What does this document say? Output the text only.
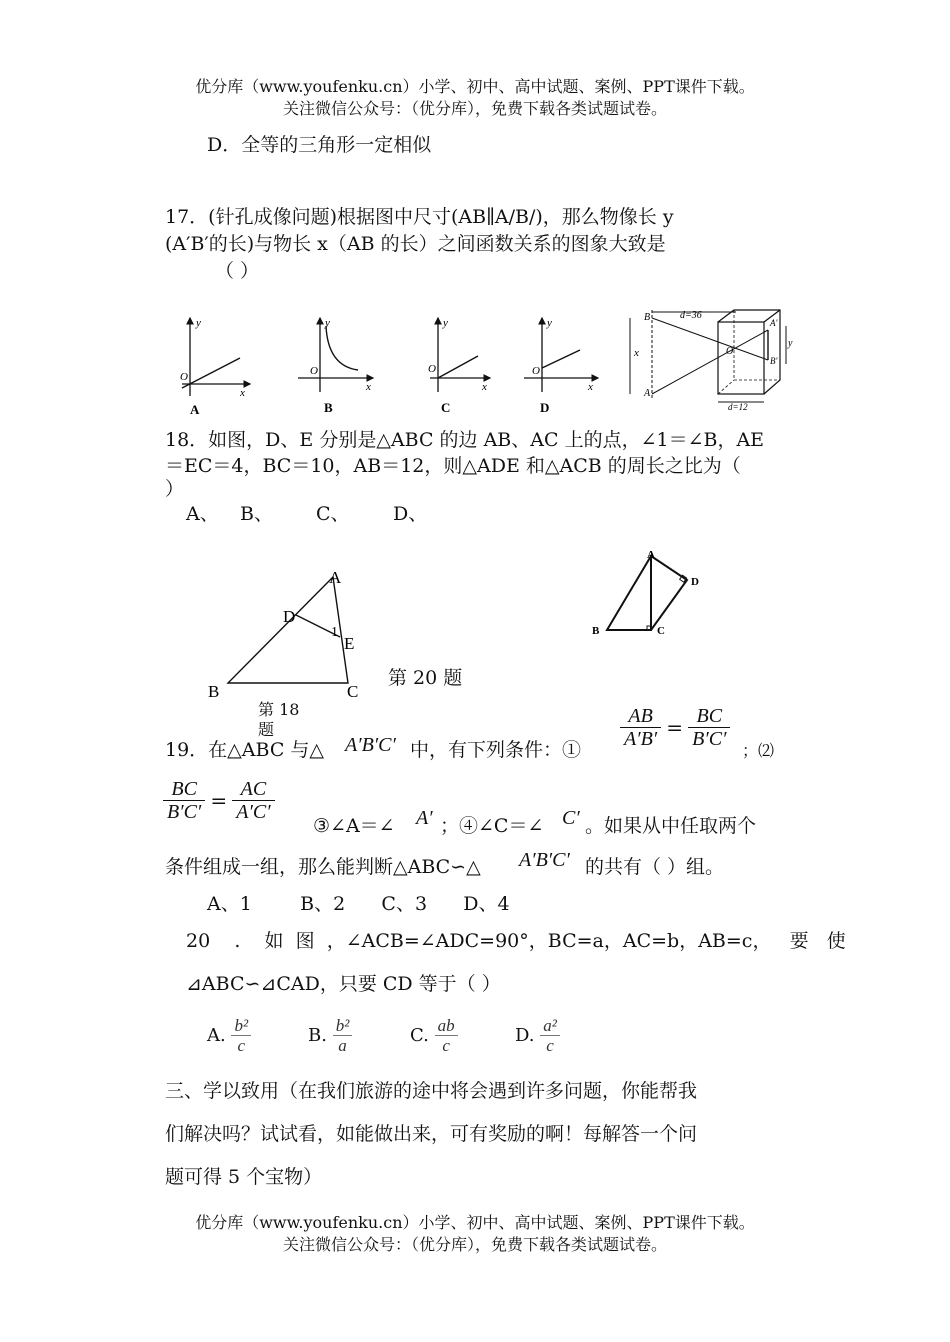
优分库（www.youfenku.cn）小学、初中、高中试题、案例、PPT课件下载。
关注微信公众号：（优分库），免费下载各类试题试卷。
D．全等的三角形一定相似
17．(针孔成像问题)根据图中尺寸(AB∥A/B/)，那么物像长 y
(A′B′的长)与物长 x（AB 的长）之间函数关系的图象大致是
（ ）
y
O
x
A
y
O
x
B
y
O
x
C
y
O
x
D
d=36
x
B
A
O
A′
B′
y
d=12
18．如图，D、E 分别是△ABC 的边 AB、AC 上的点，∠1＝∠B，AE
＝EC＝4，BC＝10，AB＝12，则△ADE 和△ACB 的周长之比为（
）
A、 B、 C、 D、
A
D
1
E
B	C
第 18
题
A
D
B	C
第 20 题
19．在△ABC 与△ A′B′C′ 中，有下列条件：① $\frac{AB}{A'B'} = \frac{BC}{B'C'}$
；⑵
$\frac{BC}{B'C'} = \frac{AC}{A'C'}$
③∠A＝∠ A′ ；④∠C＝∠ C′ 。如果从中任取两个
条件组成一组，那么能判断△ABC∽△ A′B′C′ 的共有（ ）组。
A、1        B、2      C、3      D、4
20    .    如  图  ，∠ACB=∠ADC=90°，BC=a，AC=b，AB=c，   要   使
⊿ABC∽⊿CAD，只要 CD 等于（ ）
A. $\frac{\text{b²}}{c}$	B. $\frac{\text{b²}}{a}$	C. $\frac{ab}{c}$	D. $\frac{\text{a²}}{c}$
三、学以致用（在我们旅游的途中将会遇到许多问题，你能帮我
们解决吗？试试看，如能做出来，可有奖励的啊！每解答一个问
题可得 5 个宝物）
优分库（www.youfenku.cn）小学、初中、高中试题、案例、PPT课件下载。
关注微信公众号：（优分库），免费下载各类试题试卷。
